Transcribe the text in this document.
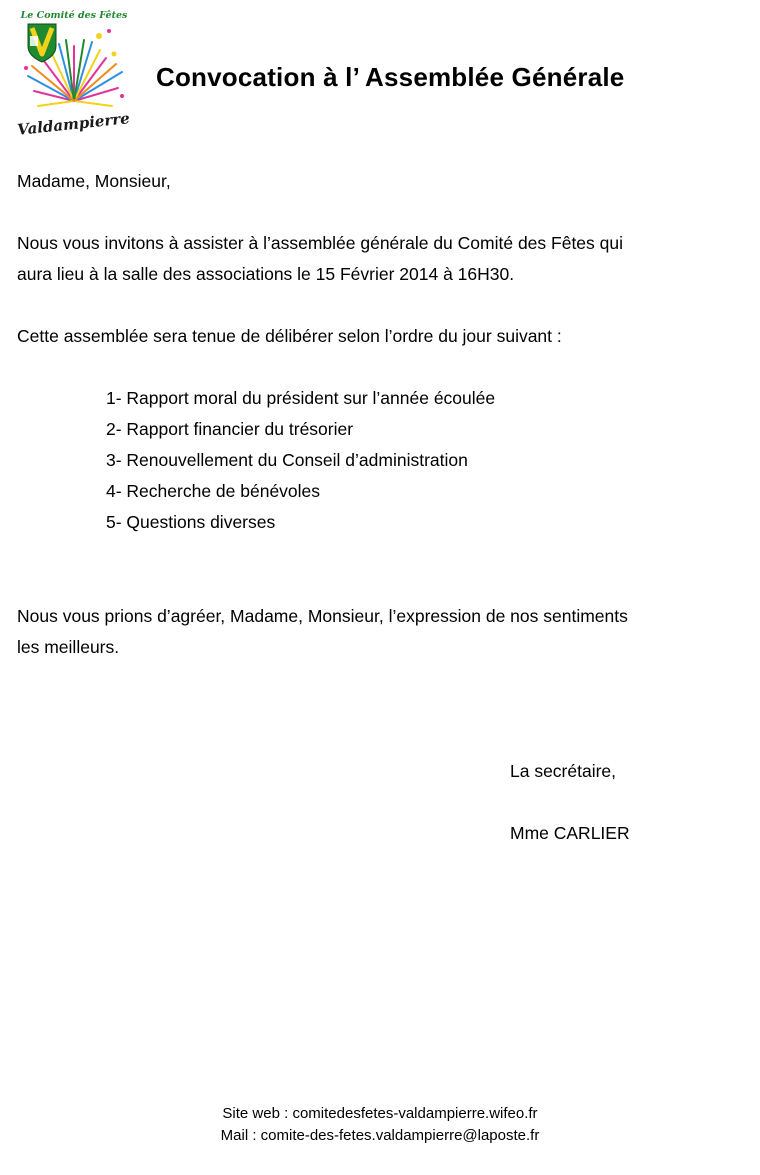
Le Comité des Fêtes
Valdampierre
Convocation à l’ Assemblée Générale
Madame, Monsieur,
Nous vous invitons à assister à l’assemblée générale du Comité des Fêtes qui
aura lieu à la salle des associations le 15 Février 2014 à 16H30.
Cette assemblée sera tenue de délibérer selon l’ordre du jour suivant :
1- Rapport moral du président sur l’année écoulée
2- Rapport financier du trésorier
3- Renouvellement du Conseil d’administration
4- Recherche de bénévoles
5- Questions diverses
Nous vous prions d’agréer, Madame, Monsieur, l’expression de nos sentiments
les meilleurs.
La secrétaire,
Mme CARLIER
Site web : comitedesfetes-valdampierre.wifeo.fr
Mail : comite-des-fetes.valdampierre@laposte.fr
